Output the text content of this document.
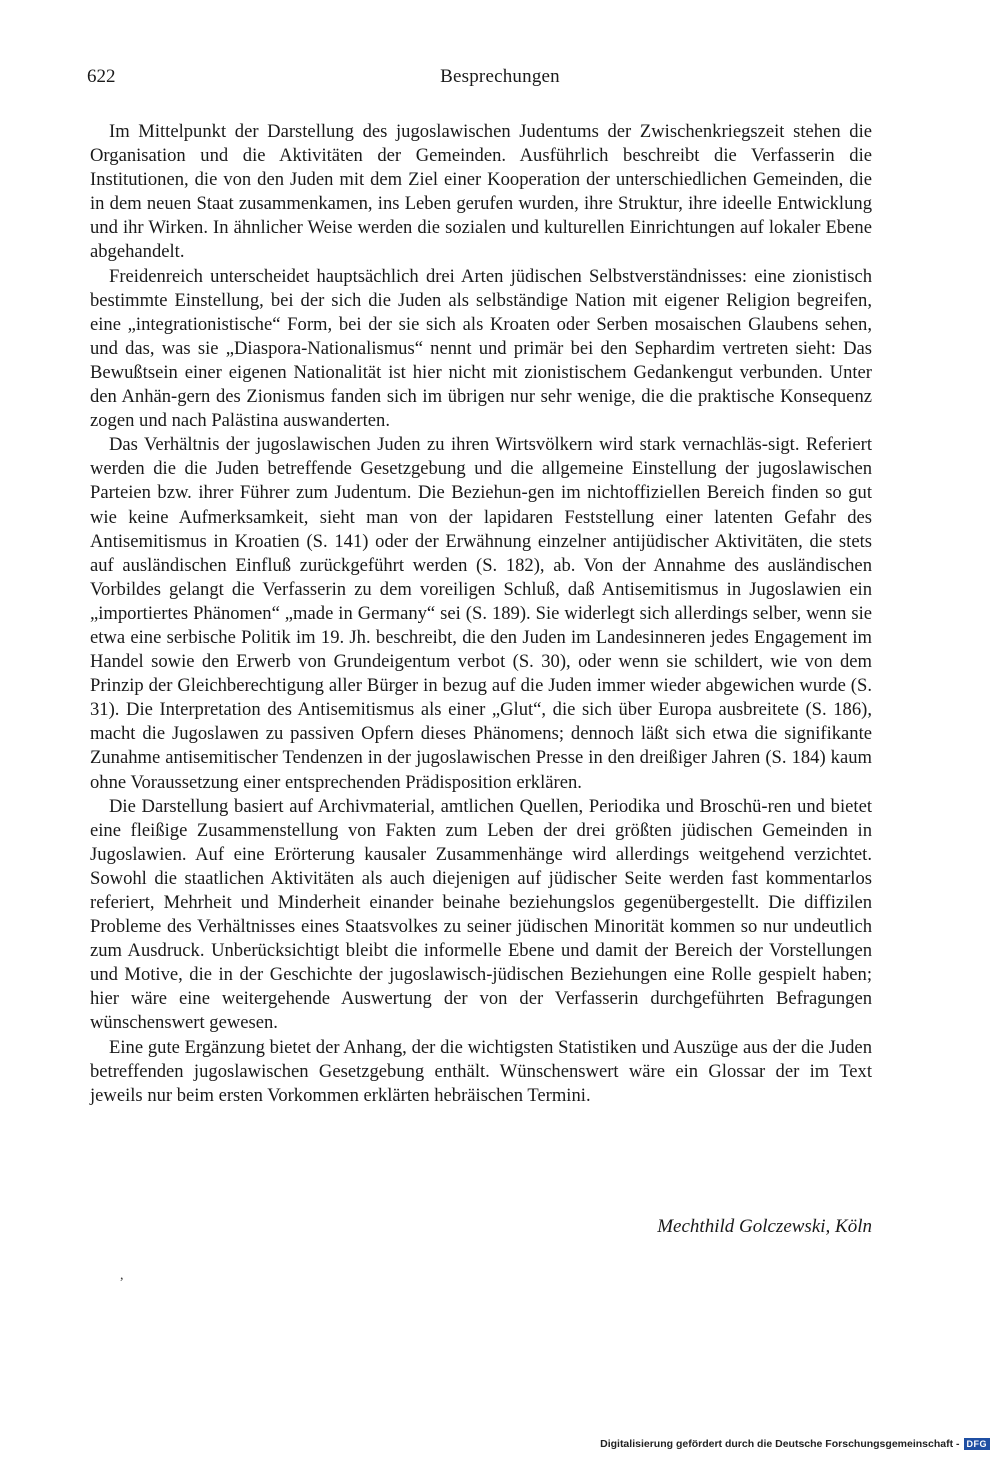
622	Besprechungen

Im Mittelpunkt der Darstellung des jugoslawischen Judentums der Zwischenkriegszeit stehen die Organisation und die Aktivitäten der Gemeinden. Ausführlich beschreibt die Verfasserin die Institutionen, die von den Juden mit dem Ziel einer Kooperation der unterschiedlichen Gemeinden, die in dem neuen Staat zusammenkamen, ins Leben gerufen wurden, ihre Struktur, ihre ideelle Entwicklung und ihr Wirken. In ähnlicher Weise werden die sozialen und kulturellen Einrichtungen auf lokaler Ebene abgehandelt.

Freidenreich unterscheidet hauptsächlich drei Arten jüdischen Selbstverständnisses: eine zionistisch bestimmte Einstellung, bei der sich die Juden als selbständige Nation mit eigener Religion begreifen, eine „integrationistische“ Form, bei der sie sich als Kroaten oder Serben mosaischen Glaubens sehen, und das, was sie „Diaspora-Nationalismus“ nennt und primär bei den Sephardim vertreten sieht: Das Bewußtsein einer eigenen Nationalität ist hier nicht mit zionistischem Gedankengut verbunden. Unter den Anhän-gern des Zionismus fanden sich im übrigen nur sehr wenige, die die praktische Konsequenz zogen und nach Palästina auswanderten.

Das Verhältnis der jugoslawischen Juden zu ihren Wirtsvölkern wird stark vernachläs-sigt. Referiert werden die die Juden betreffende Gesetzgebung und die allgemeine Einstellung der jugoslawischen Parteien bzw. ihrer Führer zum Judentum. Die Beziehun-gen im nichtoffiziellen Bereich finden so gut wie keine Aufmerksamkeit, sieht man von der lapidaren Feststellung einer latenten Gefahr des Antisemitismus in Kroatien (S. 141) oder der Erwähnung einzelner antijüdischer Aktivitäten, die stets auf ausländischen Einfluß zurückgeführt werden (S. 182), ab. Von der Annahme des ausländischen Vorbildes gelangt die Verfasserin zu dem voreiligen Schluß, daß Antisemitismus in Jugoslawien ein „importiertes Phänomen“ „made in Germany“ sei (S. 189). Sie widerlegt sich allerdings selber, wenn sie etwa eine serbische Politik im 19. Jh. beschreibt, die den Juden im Landesinneren jedes Engagement im Handel sowie den Erwerb von Grundeigentum verbot (S. 30), oder wenn sie schildert, wie von dem Prinzip der Gleichberechtigung aller Bürger in bezug auf die Juden immer wieder abgewichen wurde (S. 31). Die Interpretation des Antisemitismus als einer „Glut“, die sich über Europa ausbreitete (S. 186), macht die Jugoslawen zu passiven Opfern dieses Phänomens; dennoch läßt sich etwa die signifikante Zunahme antisemitischer Tendenzen in der jugoslawischen Presse in den dreißiger Jahren (S. 184) kaum ohne Voraussetzung einer entsprechenden Prädisposition erklären.

Die Darstellung basiert auf Archivmaterial, amtlichen Quellen, Periodika und Broschü-ren und bietet eine fleißige Zusammenstellung von Fakten zum Leben der drei größten jüdischen Gemeinden in Jugoslawien. Auf eine Erörterung kausaler Zusammenhänge wird allerdings weitgehend verzichtet. Sowohl die staatlichen Aktivitäten als auch diejenigen auf jüdischer Seite werden fast kommentarlos referiert, Mehrheit und Minderheit einander beinahe beziehungslos gegenübergestellt. Die diffizilen Probleme des Verhältnisses eines Staatsvolkes zu seiner jüdischen Minorität kommen so nur undeutlich zum Ausdruck. Unberücksichtigt bleibt die informelle Ebene und damit der Bereich der Vorstellungen und Motive, die in der Geschichte der jugoslawisch-jüdischen Beziehungen eine Rolle gespielt haben; hier wäre eine weitergehende Auswertung der von der Verfasserin durchgeführten Befragungen wünschenswert gewesen.

Eine gute Ergänzung bietet der Anhang, der die wichtigsten Statistiken und Auszüge aus der die Juden betreffenden jugoslawischen Gesetzgebung enthält. Wünschenswert wäre ein Glossar der im Text jeweils nur beim ersten Vorkommen erklärten hebräischen Termini.

Mechthild Golczewski, Köln
,
Digitalisierung gefördert durch die Deutsche Forschungsgemeinschaft - DFG
